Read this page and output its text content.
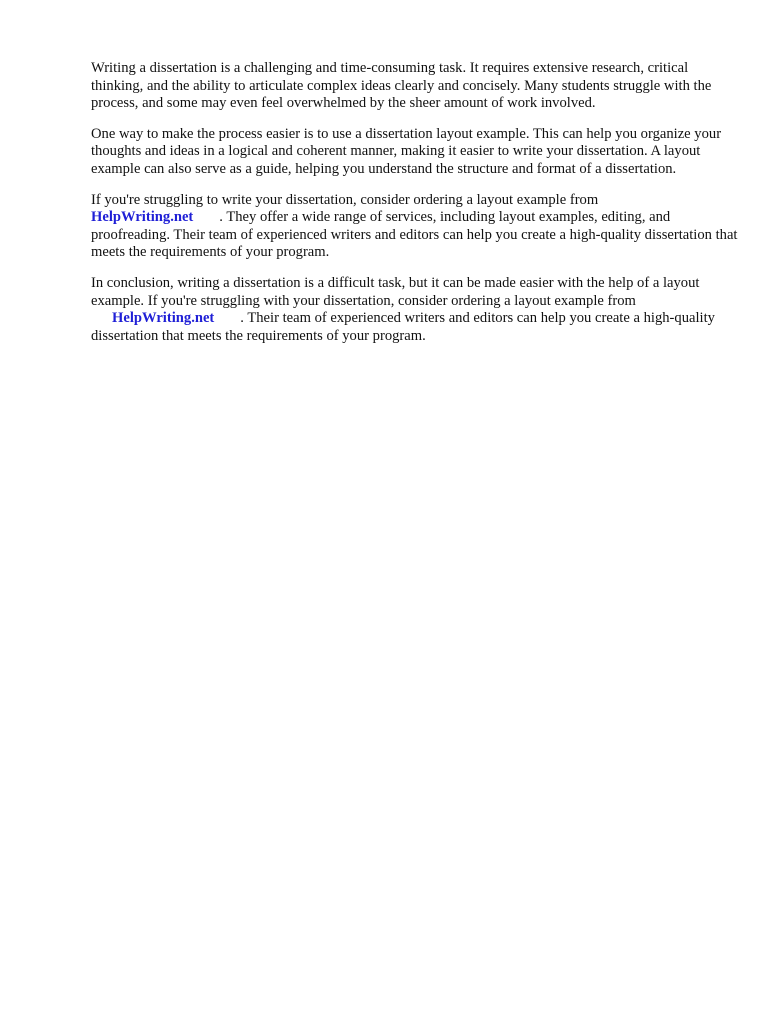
Writing a dissertation is a challenging and time-consuming task. It requires extensive research, critical thinking, and the ability to articulate complex ideas clearly and concisely. Many students struggle with the process, and some may even feel overwhelmed by the sheer amount of work involved.

One way to make the process easier is to use a dissertation layout example. This can help you organize your thoughts and ideas in a logical and coherent manner, making it easier to write your dissertation. A layout example can also serve as a guide, helping you understand the structure and format of a dissertation.

If you're struggling to write your dissertation, consider ordering a layout example from
HelpWriting.net . They offer a wide range of services, including layout examples, editing, and proofreading. Their team of experienced writers and editors can help you create a high-quality dissertation that meets the requirements of your program.

In conclusion, writing a dissertation is a difficult task, but it can be made easier with the help of a layout example. If you're struggling with your dissertation, consider ordering a layout example from
HelpWriting.net . Their team of experienced writers and editors can help you create a high-quality dissertation that meets the requirements of your program.
